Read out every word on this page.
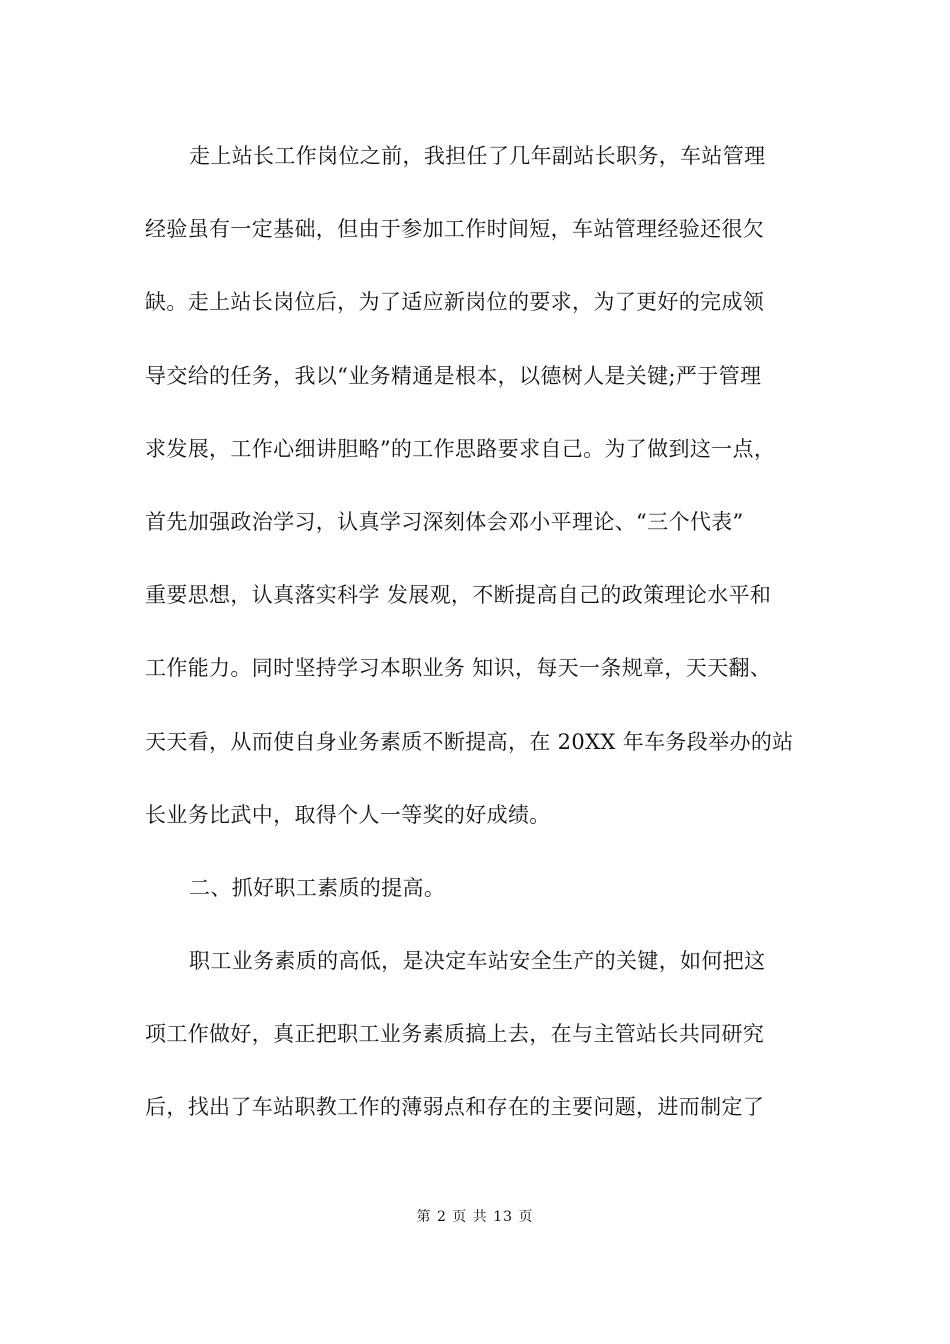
走上站长工作岗位之前，我担任了几年副站长职务，车站管理
经验虽有一定基础，但由于参加工作时间短，车站管理经验还很欠
缺。走上站长岗位后，为了适应新岗位的要求，为了更好的完成领
导交给的任务，我以“业务精通是根本，以德树人是关键;严于管理
求发展，工作心细讲胆略”的工作思路要求自己。为了做到这一点，
首先加强政治学习，认真学习深刻体会邓小平理论、“三个代表”
重要思想，认真落实科学 发展观，不断提高自己的政策理论水平和
工作能力。同时坚持学习本职业务 知识，每天一条规章，天天翻、
天天看，从而使自身业务素质不断提高，在 20XX 年车务段举办的站
长业务比武中，取得个人一等奖的好成绩。
二、抓好职工素质的提高。
职工业务素质的高低，是决定车站安全生产的关键，如何把这
项工作做好，真正把职工业务素质搞上去，在与主管站长共同研究
后，找出了车站职教工作的薄弱点和存在的主要问题，进而制定了
第 2 页 共 13 页
